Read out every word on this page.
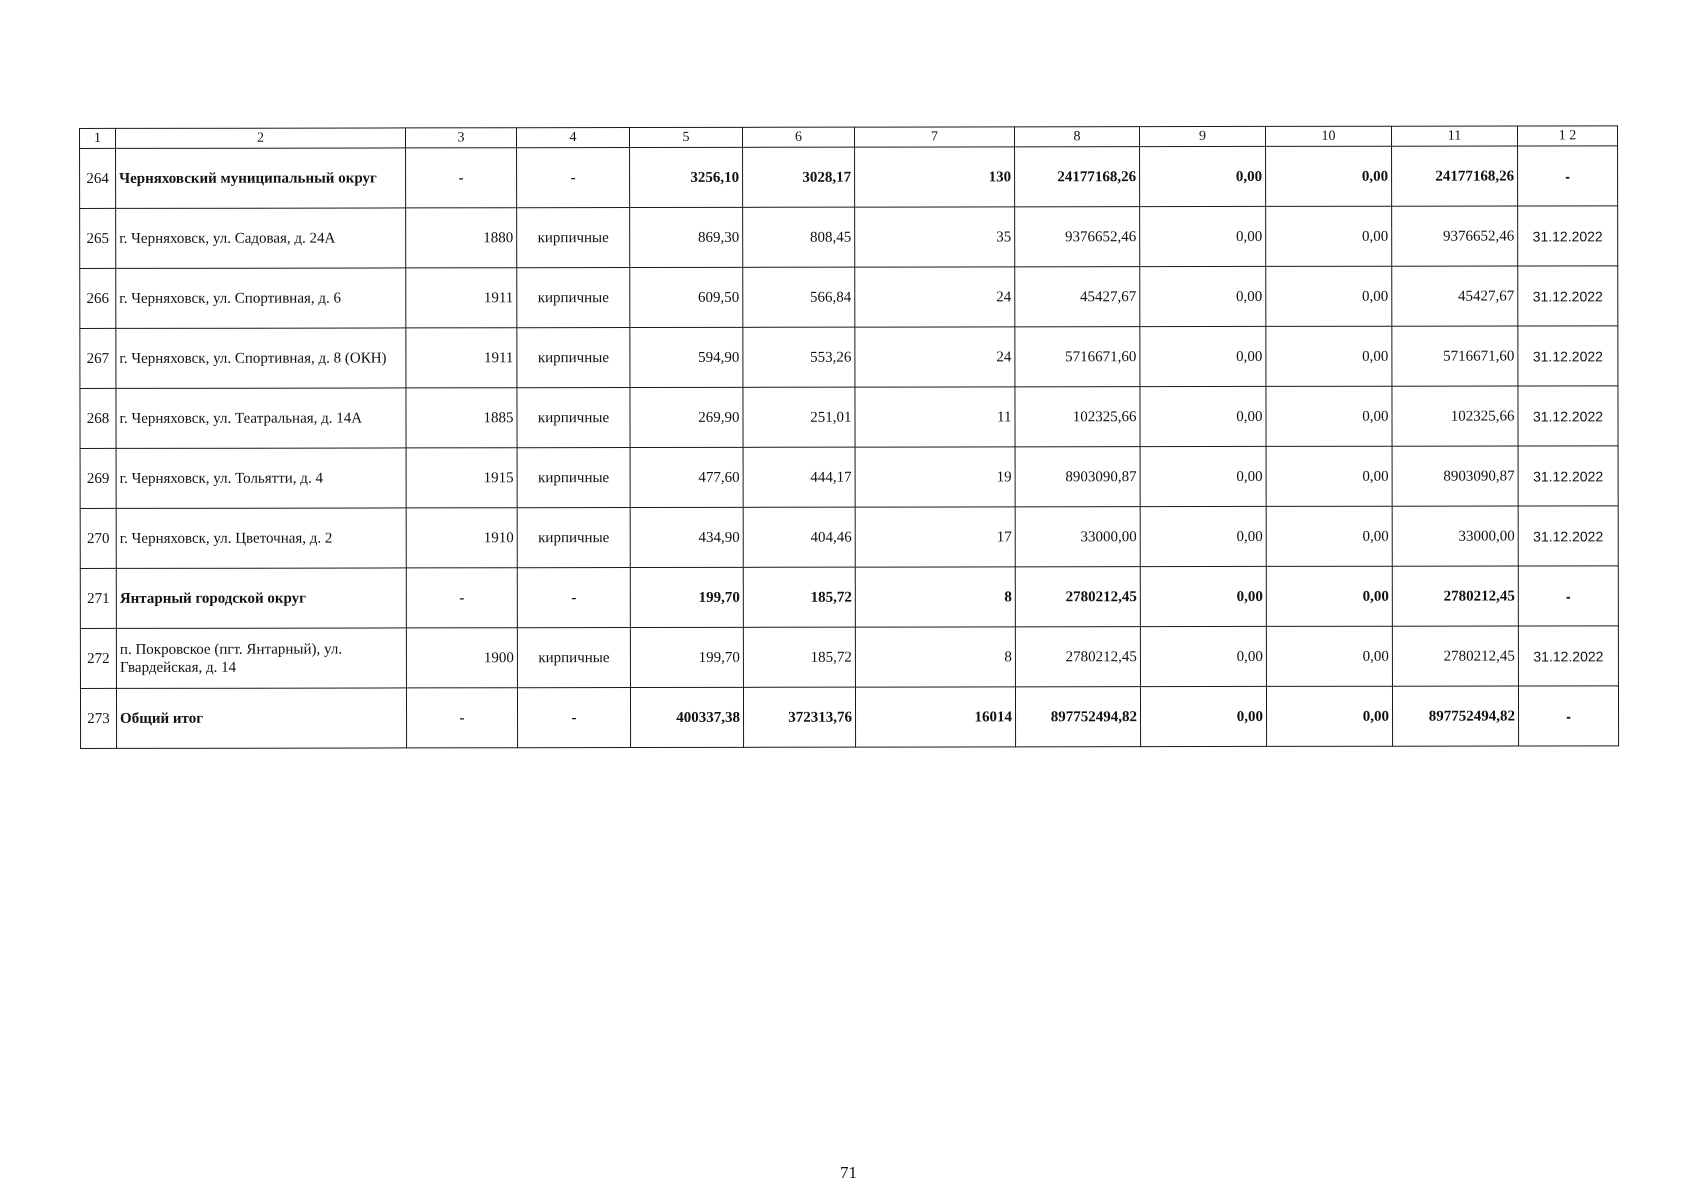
1	2	3	4	5	6	7	8	9	10	11	1 2
264	Черняховский муниципальный округ	-	-	3256,10	3028,17	130	24177168,26	0,00	0,00	24177168,26	-
265	г. Черняховск, ул. Садовая, д. 24А	1880	кирпичные	869,30	808,45	35	9376652,46	0,00	0,00	9376652,46	31.12.2022
266	г. Черняховск, ул. Спортивная, д. 6	1911	кирпичные	609,50	566,84	24	45427,67	0,00	0,00	45427,67	31.12.2022
267	г. Черняховск, ул. Спортивная, д. 8 (ОКН)	1911	кирпичные	594,90	553,26	24	5716671,60	0,00	0,00	5716671,60	31.12.2022
268	г. Черняховск, ул. Театральная, д. 14А	1885	кирпичные	269,90	251,01	11	102325,66	0,00	0,00	102325,66	31.12.2022
269	г. Черняховск, ул. Тольятти, д. 4	1915	кирпичные	477,60	444,17	19	8903090,87	0,00	0,00	8903090,87	31.12.2022
270	г. Черняховск, ул. Цветочная, д. 2	1910	кирпичные	434,90	404,46	17	33000,00	0,00	0,00	33000,00	31.12.2022
271	Янтарный городской округ	-	-	199,70	185,72	8	2780212,45	0,00	0,00	2780212,45	-
272	п. Покровское (пгт. Янтарный), ул. Гвардейская, д. 14	1900	кирпичные	199,70	185,72	8	2780212,45	0,00	0,00	2780212,45	31.12.2022
273	Общий итог	-	-	400337,38	372313,76	16014	897752494,82	0,00	0,00	897752494,82	-
71
